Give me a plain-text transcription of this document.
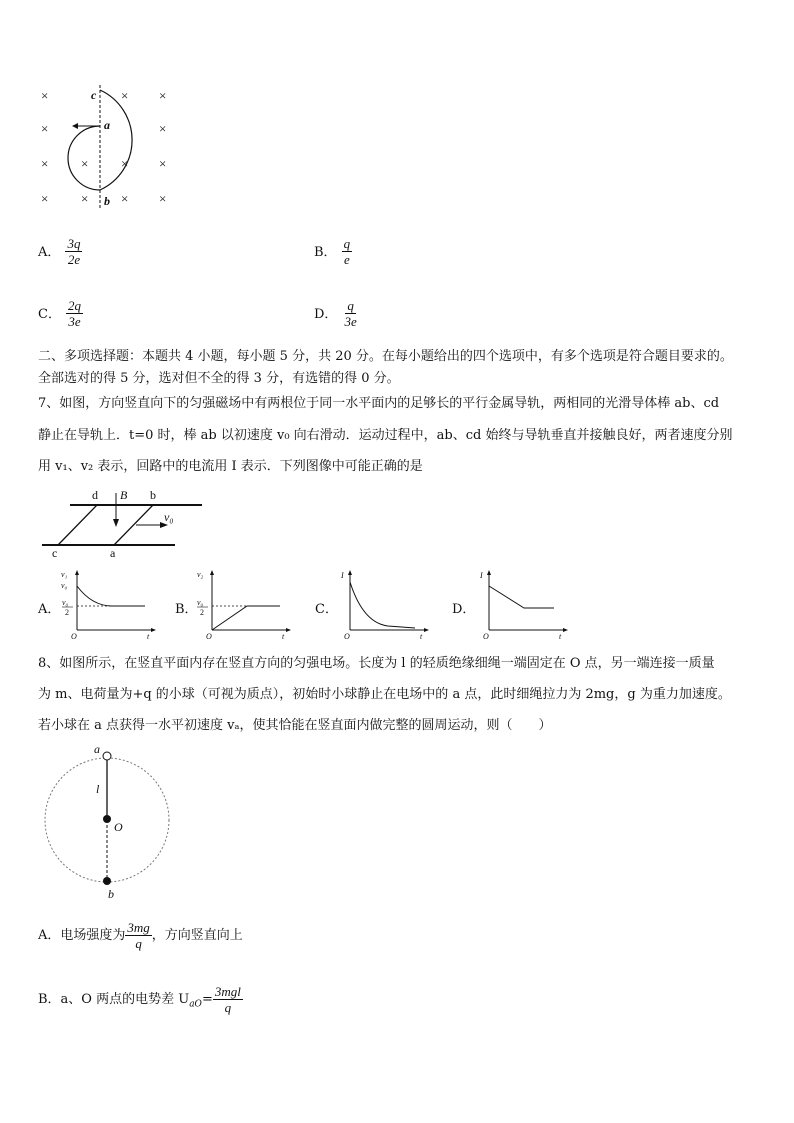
×	× ×
×	×
×	×	× ×
×	×	× ×
c
a
b
A． $\frac{3q}{2e}$	B． $\frac{q}{e}$
C． $\frac{2q}{3e}$	D． $\frac{q}{3e}$
二、多项选择题：本题共 4 小题，每小题 5 分，共 20 分。在每小题给出的四个选项中，有多个选项是符合题目要求的。
全部选对的得 5 分，选对但不全的得 3 分，有选错的得 0 分。
7、如图，方向竖直向下的匀强磁场中有两根位于同一水平面内的足够长的平行金属导轨，两相同的光滑导体棒 ab、cd
静止在导轨上．t=0 时，棒 ab 以初速度 v₀ 向右滑动．运动过程中，ab、cd 始终与导轨垂直并接触良好，两者速度分别
用 v₁、v₂ 表示，回路中的电流用 I 表示．下列图像中可能正确的是
d B b
v₀
c	a
A．
v₁
v₀
v₀
2
O	t
B．
v₂
v₀
2
O	t
C．
I
O	t
D．
I
O	t
8、如图所示，在竖直平面内存在竖直方向的匀强电场。长度为 l 的轻质绝缘细绳一端固定在 O 点，另一端连接一质量
为 m、电荷量为+q 的小球（可视为质点），初始时小球静止在电场中的 a 点，此时细绳拉力为 2mg，g 为重力加速度。
若小球在 a 点获得一水平初速度 vₐ，使其恰能在竖直面内做完整的圆周运动，则（　　）
a
l
O
b
A．电场强度为 $\frac{3mg}{q}$ ，方向竖直向上
B．a、O 两点的电势差 $U_{aO}= \frac{\text{3mgl}}{q}$
